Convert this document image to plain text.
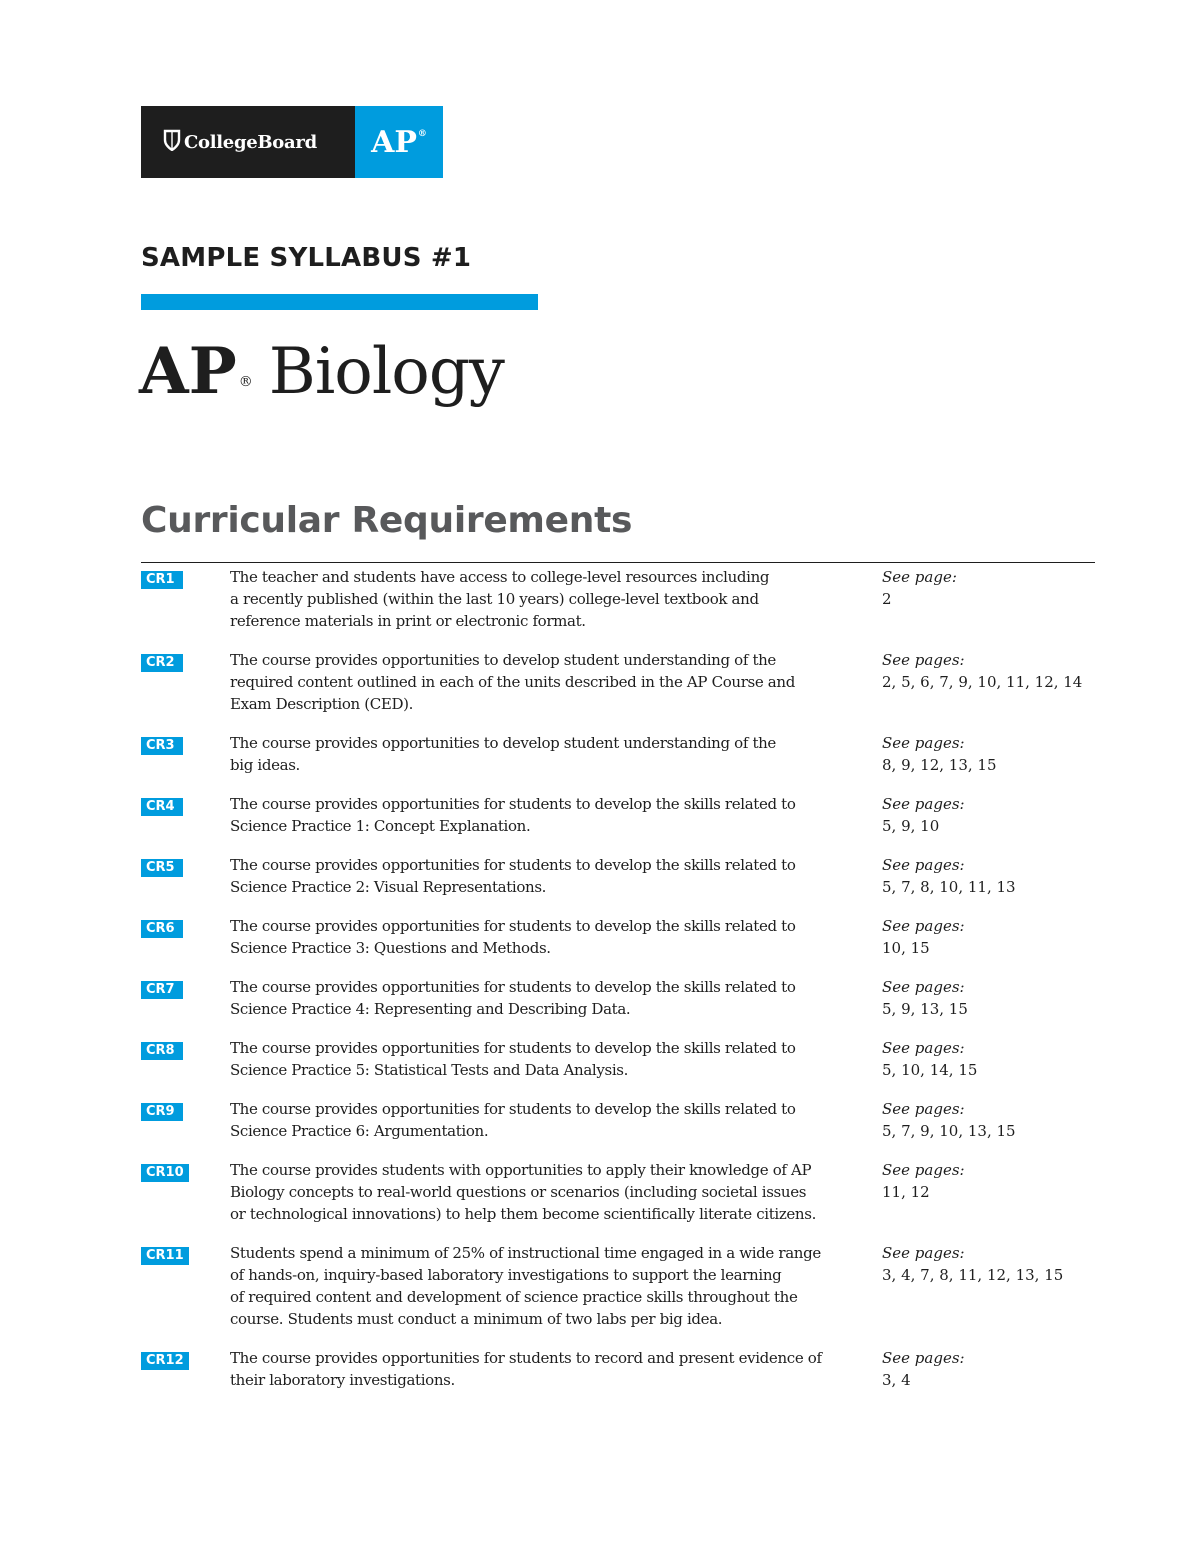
CollegeBoard AP®
SAMPLE SYLLABUS #1
AP ® Biology
Curricular Requirements
CR1	The teacher and students have access to college-level resources including
a recently published (within the last 10 years) college-level textbook and
reference materials in print or electronic format.

See page:
2
CR2	The course provides opportunities to develop student understanding of the
required content outlined in each of the units described in the AP Course and
Exam Description (CED).

See pages:
2, 5, 6, 7, 9, 10, 11, 12, 14
CR3	The course provides opportunities to develop student understanding of the
big ideas.

See pages:
8, 9, 12, 13, 15
CR4	The course provides opportunities for students to develop the skills related to
Science Practice 1: Concept Explanation.

See pages:
5, 9, 10
CR5	The course provides opportunities for students to develop the skills related to
Science Practice 2: Visual Representations.

See pages:
5, 7, 8, 10, 11, 13
CR6	The course provides opportunities for students to develop the skills related to
Science Practice 3: Questions and Methods.

See pages:
10, 15
CR7	The course provides opportunities for students to develop the skills related to
Science Practice 4: Representing and Describing Data.

See pages:
5, 9, 13, 15
CR8	The course provides opportunities for students to develop the skills related to
Science Practice 5: Statistical Tests and Data Analysis.

See pages:
5, 10, 14, 15
CR9	The course provides opportunities for students to develop the skills related to
Science Practice 6: Argumentation.

See pages:
5, 7, 9, 10, 13, 15
CR10	The course provides students with opportunities to apply their knowledge of AP
Biology concepts to real-world questions or scenarios (including societal issues
or technological innovations) to help them become scientifically literate citizens.

See pages:
11, 12
CR11	Students spend a minimum of 25% of instructional time engaged in a wide range
of hands-on, inquiry-based laboratory investigations to support the learning
of required content and development of science practice skills throughout the
course. Students must conduct a minimum of two labs per big idea.

See pages:
3, 4, 7, 8, 11, 12, 13, 15
CR12	The course provides opportunities for students to record and present evidence of
their laboratory investigations.

See pages:
3, 4
